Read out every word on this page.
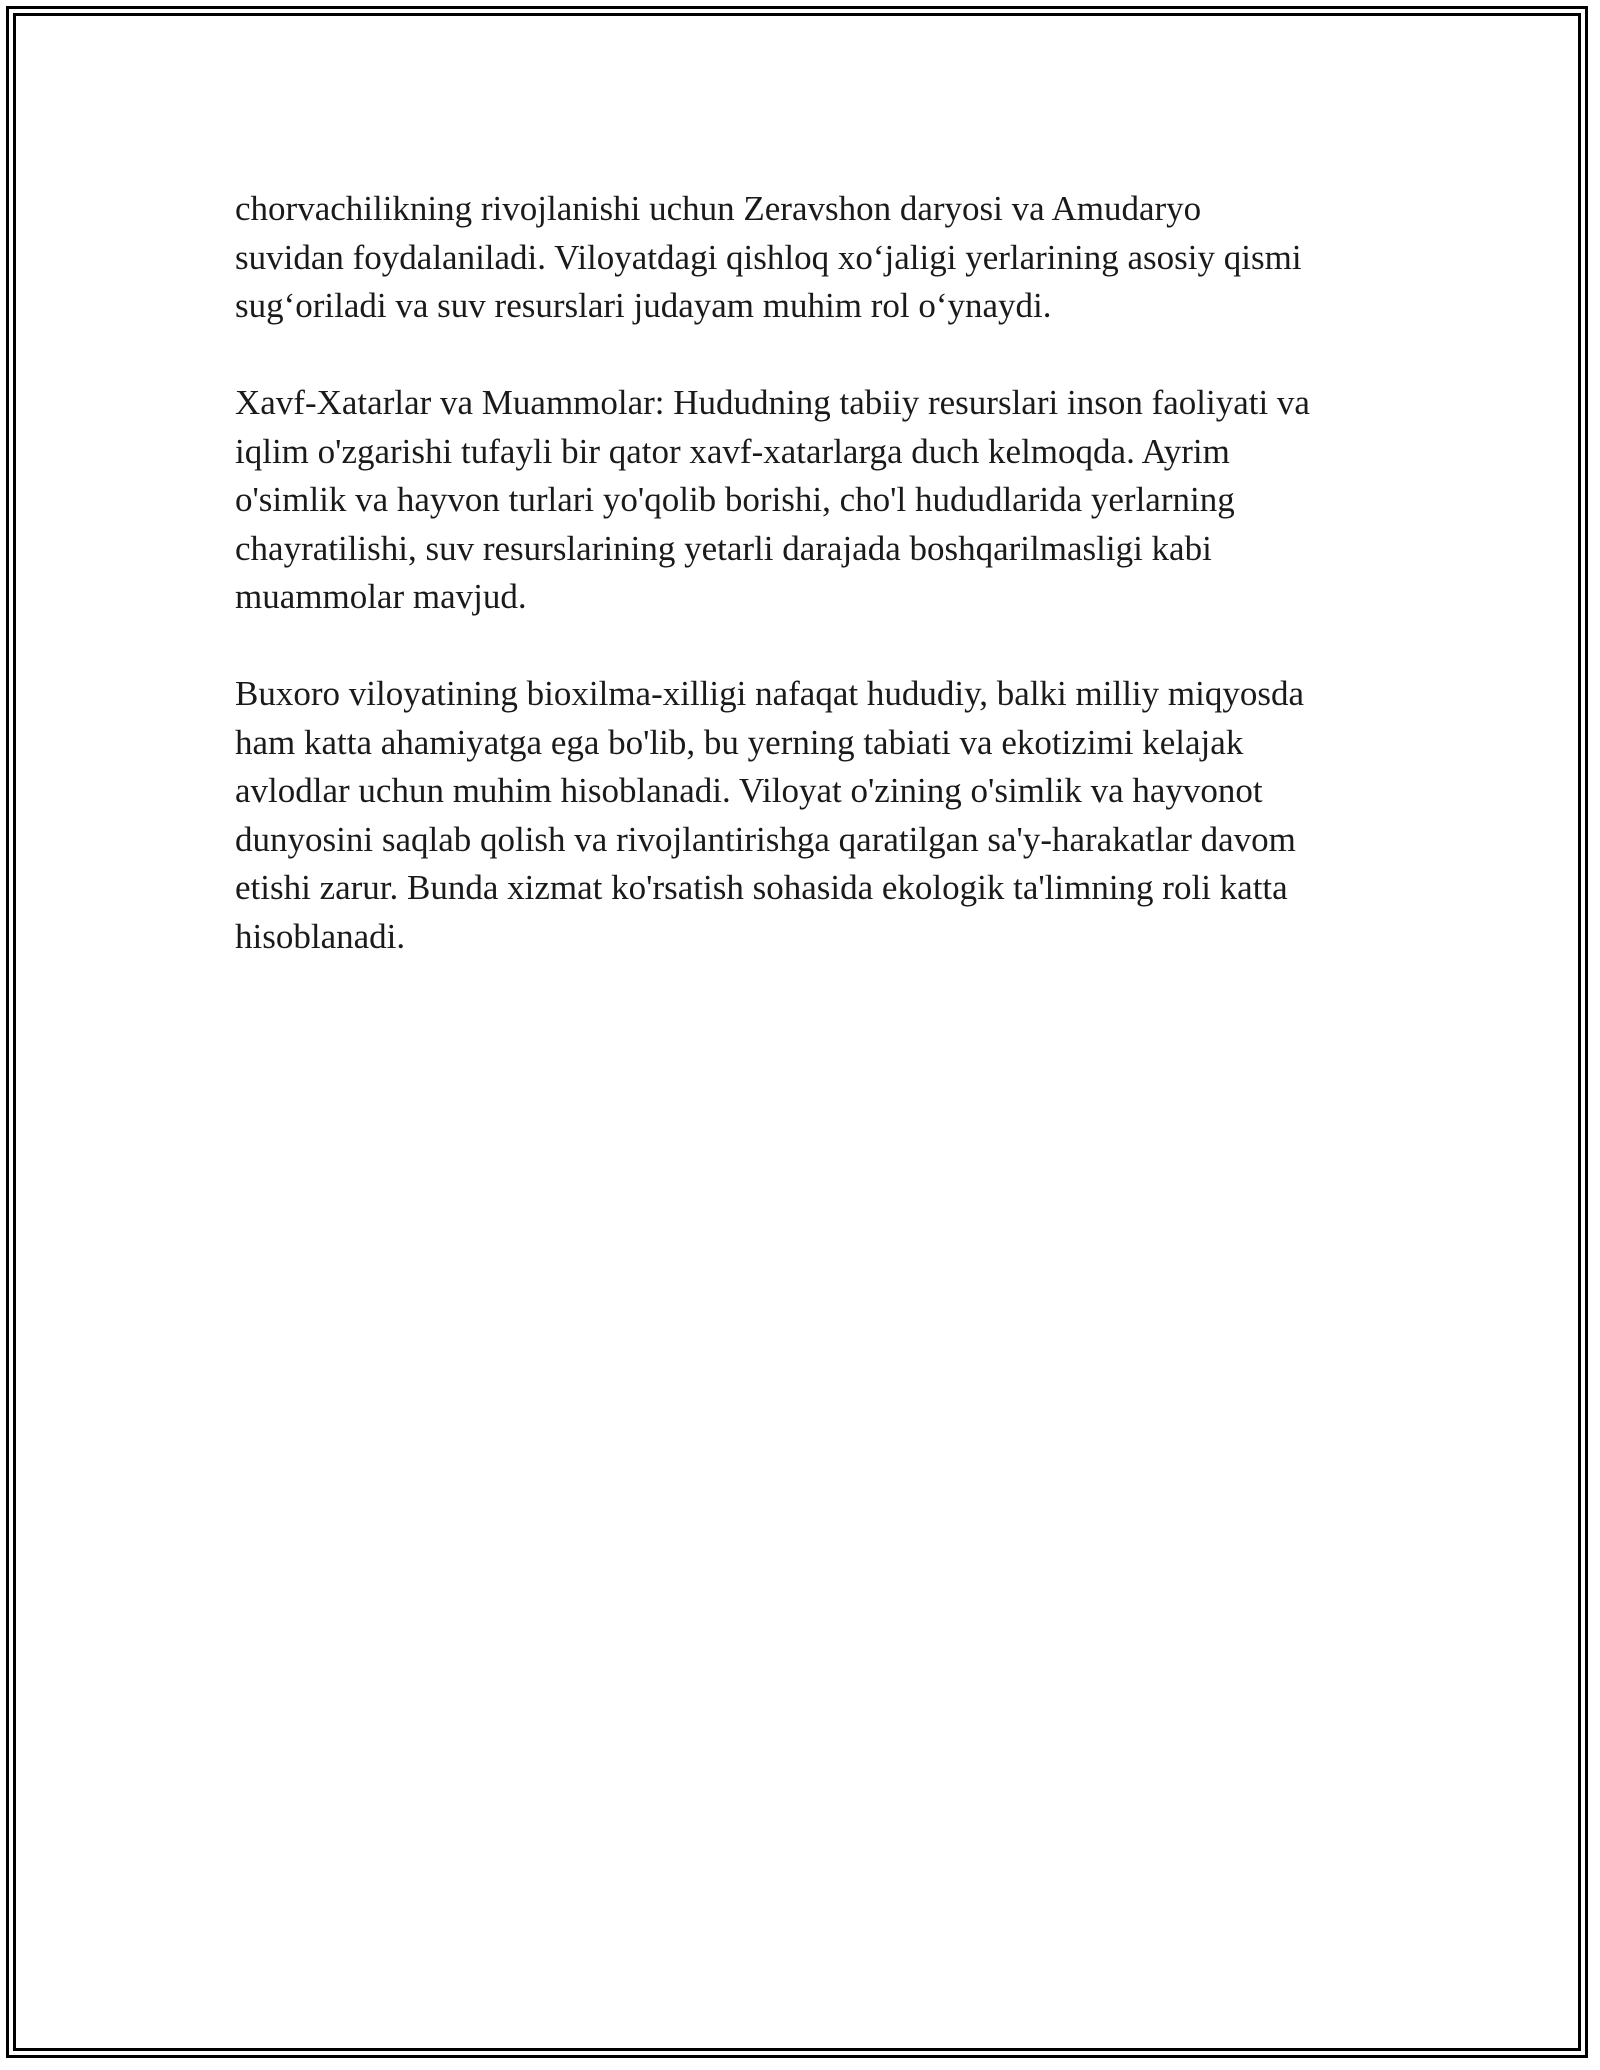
chorvachilikning rivojlanishi uchun Zeravshon daryosi va Amudaryo
suvidan foydalaniladi. Viloyatdagi qishloq xo‘jaligi yerlarining asosiy qismi
sug‘oriladi va suv resurslari judayam muhim rol o‘ynaydi.

Xavf-Xatarlar va Muammolar: Hududning tabiiy resurslari inson faoliyati va
iqlim o'zgarishi tufayli bir qator xavf-xatarlarga duch kelmoqda. Ayrim
o'simlik va hayvon turlari yo'qolib borishi, cho'l hududlarida yerlarning
chayratilishi, suv resurslarining yetarli darajada boshqarilmasligi kabi
muammolar mavjud.

Buxoro viloyatining bioxilma-xilligi nafaqat hududiy, balki milliy miqyosda
ham katta ahamiyatga ega bo'lib, bu yerning tabiati va ekotizimi kelajak
avlodlar uchun muhim hisoblanadi. Viloyat o'zining o'simlik va hayvonot
dunyosini saqlab qolish va rivojlantirishga qaratilgan sa'y-harakatlar davom
etishi zarur. Bunda xizmat ko'rsatish sohasida ekologik ta'limning roli katta
hisoblanadi.
